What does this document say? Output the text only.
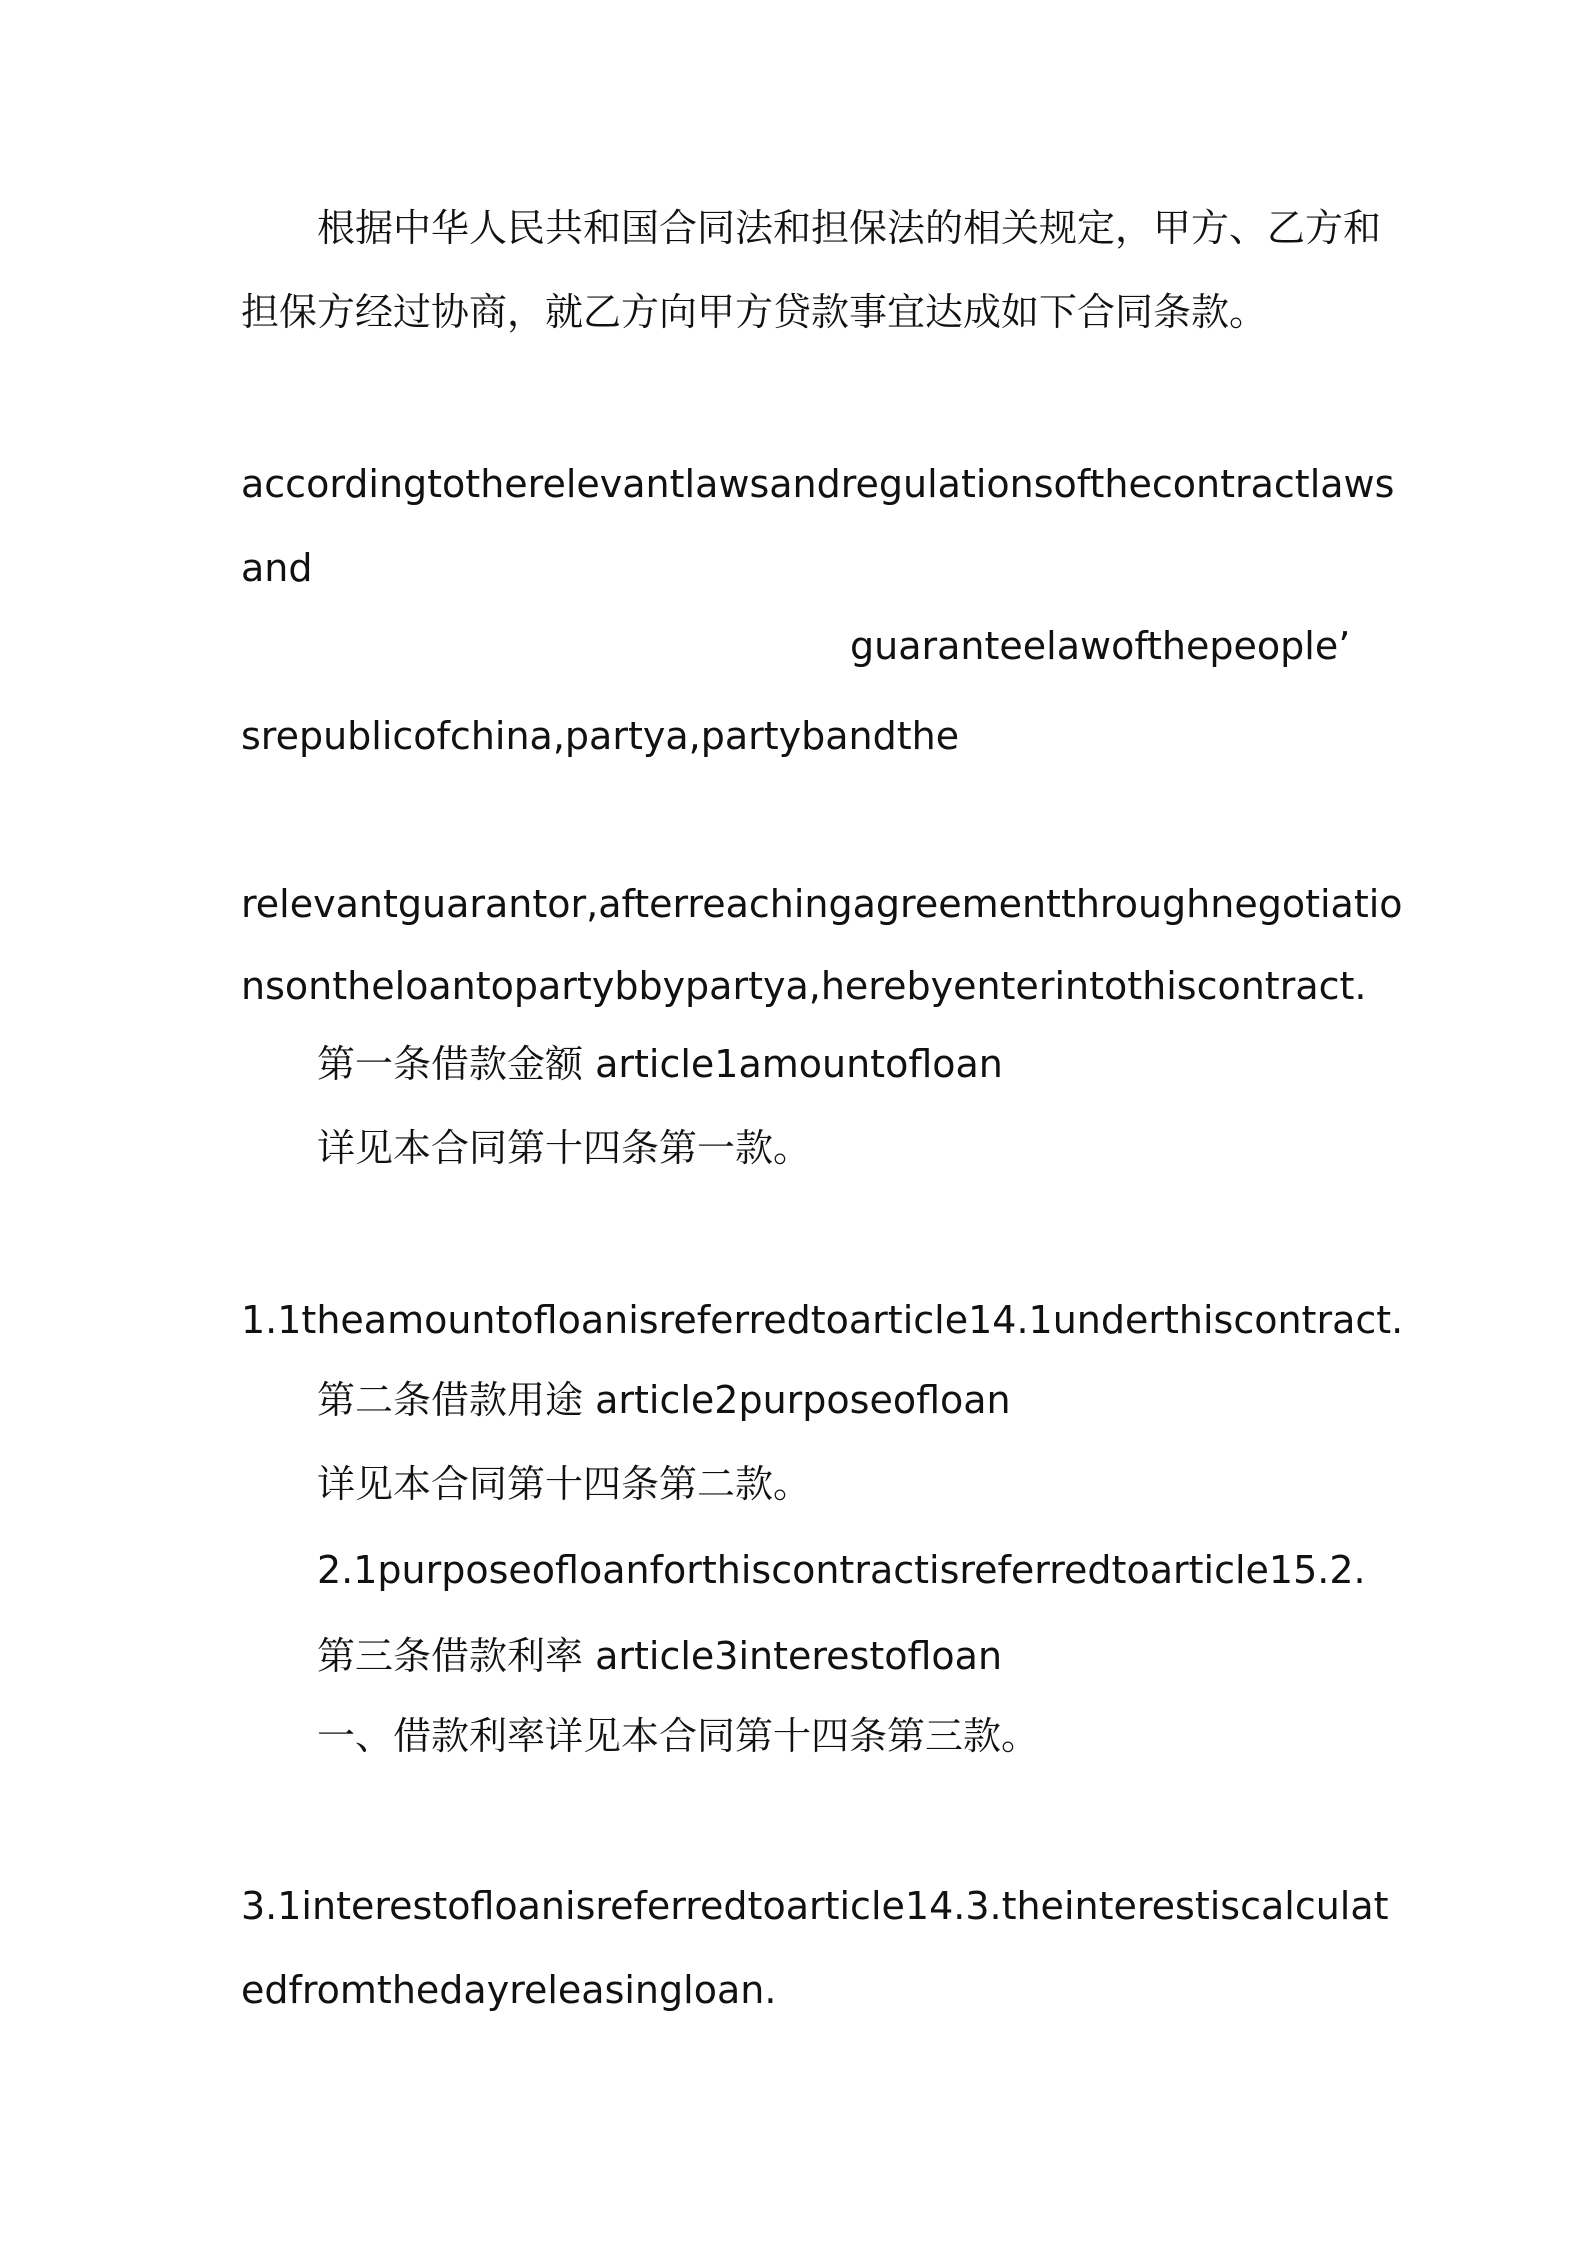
根据中华人民共和国合同法和担保法的相关规定，甲方、乙方和

担保方经过协商，就乙方向甲方贷款事宜达成如下合同条款。

accordingtotherelevantlawsandregulationsofthecontractlaws

and

guaranteelawofthepeople’

srepublicofchina,partya,partybandthe

relevantguarantor,afterreachingagreementthroughnegotiatio

nsontheloantopartybbypartya,herebyenterintothiscontract.

第一条借款金额 article1amountofloan

详见本合同第十四条第一款。

1.1theamountofloanisreferredtoarticle14.1underthiscontract.

第二条借款用途 article2purposeofloan

详见本合同第十四条第二款。

2.1purposeofloanforthiscontractisreferredtoarticle15.2.

第三条借款利率 article3interestofloan

一、借款利率详见本合同第十四条第三款。

3.1interestofloanisreferredtoarticle14.3.theinterestiscalculat

edfromthedayreleasingloan.
